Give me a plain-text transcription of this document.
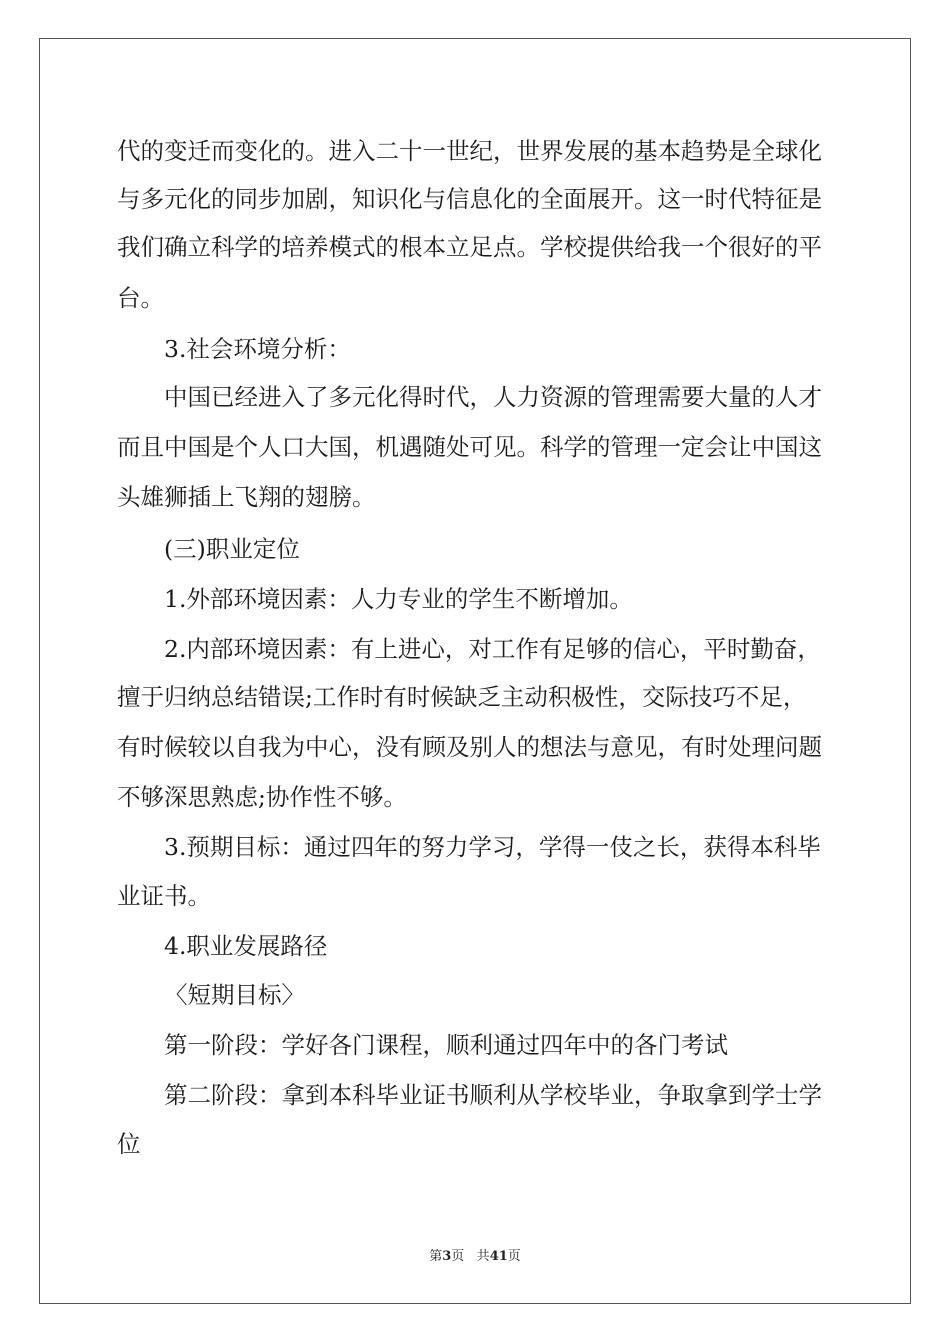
代的变迁而变化的。进入二十一世纪，世界发展的基本趋势是全球化

与多元化的同步加剧，知识化与信息化的全面展开。这一时代特征是

我们确立科学的培养模式的根本立足点。学校提供给我一个很好的平

台。

3.社会环境分析：

中国已经进入了多元化得时代，人力资源的管理需要大量的人才

而且中国是个人口大国，机遇随处可见。科学的管理一定会让中国这

头雄狮插上飞翔的翅膀。

(三)职业定位

1.外部环境因素：人力专业的学生不断增加。

2.内部环境因素：有上进心，对工作有足够的信心，平时勤奋，

擅于归纳总结错误;工作时有时候缺乏主动积极性，交际技巧不足，

有时候较以自我为中心，没有顾及别人的想法与意见，有时处理问题

不够深思熟虑;协作性不够。

3.预期目标：通过四年的努力学习，学得一伎之长，获得本科毕

业证书。

4.职业发展路径

〈短期目标〉

第一阶段：学好各门课程，顺利通过四年中的各门考试

第二阶段：拿到本科毕业证书顺利从学校毕业，争取拿到学士学

位

第3页 共41页
